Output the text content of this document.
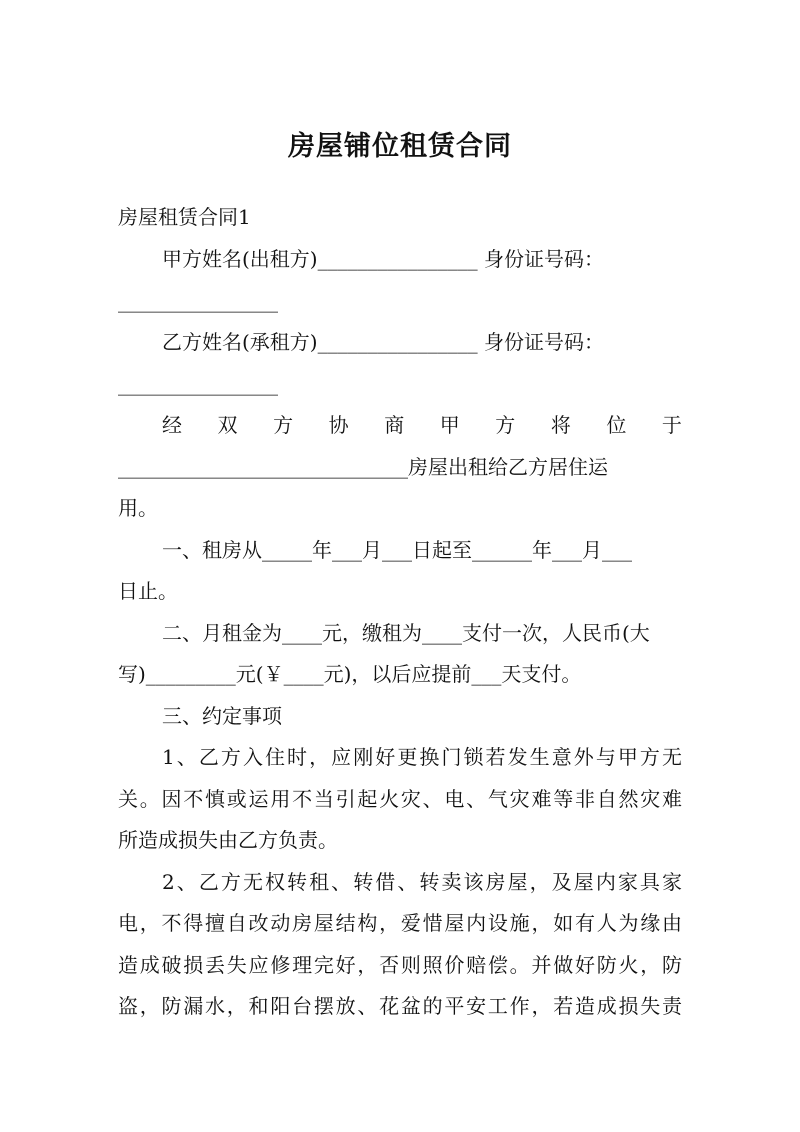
房屋铺位租赁合同
房屋租赁合同1
甲方姓名(出租方)________________ 身份证号码：
________________
乙方姓名(承租方)________________ 身份证号码：
________________
经 双 方 协 商 甲 方 将 位 于
_____________________________房屋出租给乙方居住运
用。
一、租房从_____年___月___日起至______年___月___
日止。
二、月租金为____元，缴租为____支付一次，人民币(大
写)_________元(￥____元)，以后应提前___天支付。
三、约定事项
1、乙方入住时，应刚好更换门锁若发生意外与甲方无
关。因不慎或运用不当引起火灾、电、气灾难等非自然灾难
所造成损失由乙方负责。
2、乙方无权转租、转借、转卖该房屋，及屋内家具家
电，不得擅自改动房屋结构，爱惜屋内设施，如有人为缘由
造成破损丢失应修理完好，否则照价赔偿。并做好防火，防
盗，防漏水，和阳台摆放、花盆的平安工作，若造成损失责
